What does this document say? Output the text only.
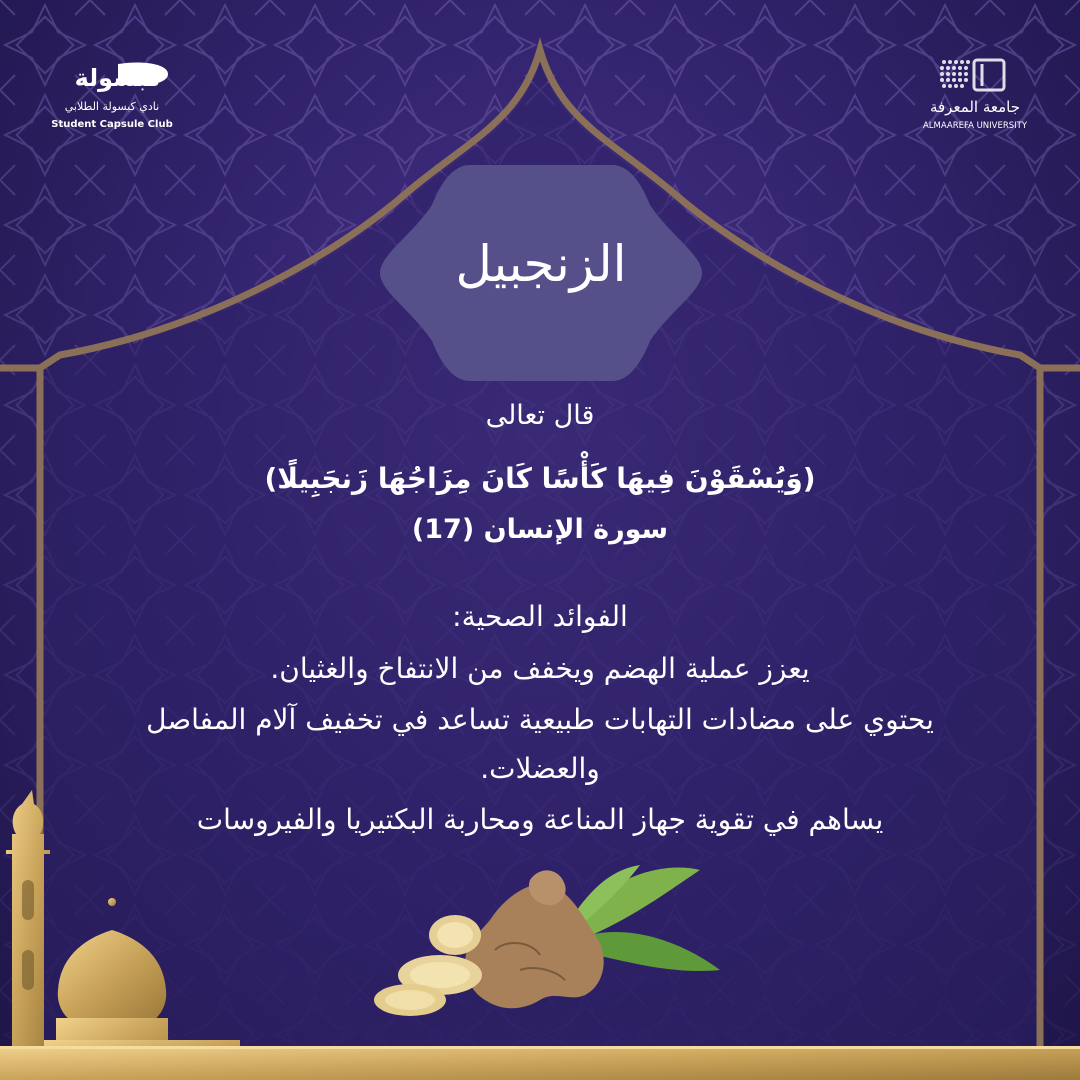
كبسولة
نادي كبسولة الطلابي
Student Capsule Club
جامعة المعرفة
ALMAAREFA UNIVERSITY
الزنجبيل
قال تعالى
(وَيُسْقَوْنَ فِيهَا كَأْسًا كَانَ مِزَاجُهَا زَنجَبِيلًا)
(سورة الإنسان (17
الفوائد الصحية:
يعزز عملية الهضم ويخفف من الانتفاخ والغثيان.
يحتوي على مضادات التهابات طبيعية تساعد في تخفيف آلام المفاصل
والعضلات.
يساهم في تقوية جهاز المناعة ومحاربة البكتيريا والفيروسات
